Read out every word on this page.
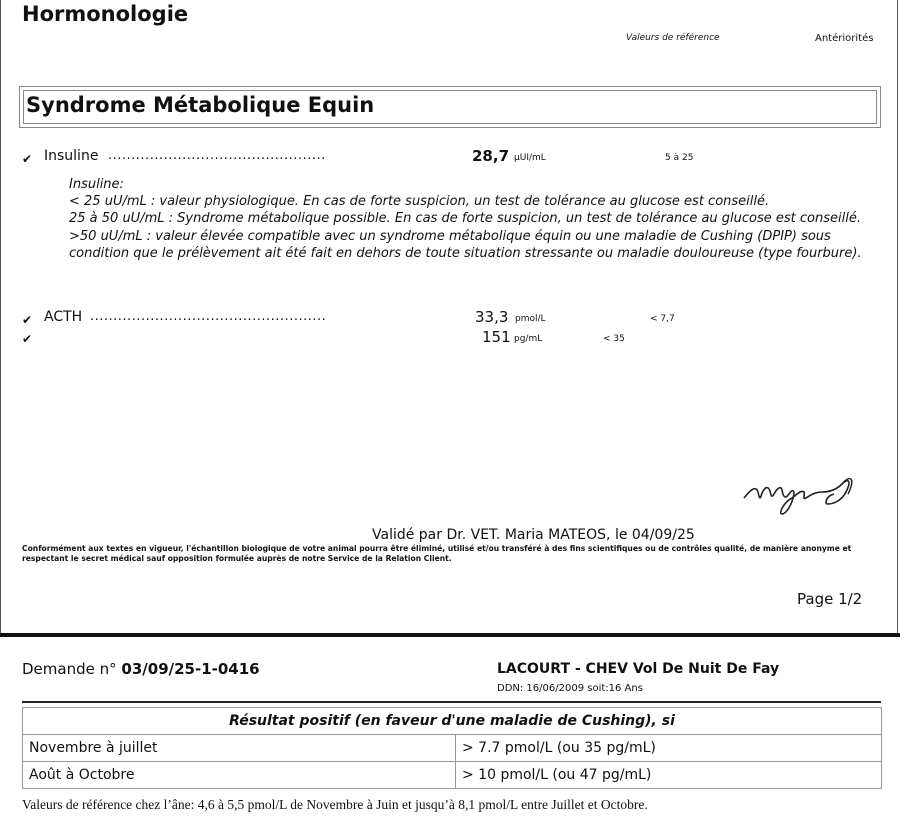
Hormonologie
Valeurs de référence	Antériorités
Syndrome Métabolique Equin
✔ Insuline ...............................................	28,7 µUI/mL	5 à 25
Insuline:
< 25 uU/mL : valeur physiologique. En cas de forte suspicion, un test de tolérance au glucose est conseillé.
25 à 50 uU/mL : Syndrome métabolique possible. En cas de forte suspicion, un test de tolérance au glucose est conseillé.
>50 uU/mL : valeur élevée compatible avec un syndrome métabolique équin ou une maladie de Cushing (DPIP) sous condition que le prélèvement ait été fait en dehors de toute situation stressante ou maladie douloureuse (type fourbure).
✔ ACTH ...................................................	33,3 pmol/L	< 7,7
✔	151 pg/mL	< 35
Validé par Dr. VET. Maria MATEOS, le 04/09/25
Conformément aux textes en vigueur, l'échantillon biologique de votre animal pourra être éliminé, utilisé et/ou transféré à des fins scientifiques ou de contrôles qualité, de manière anonyme et respectant le secret médical sauf opposition formulée auprès de notre Service de la Relation Client.
Page 1/2
Demande n° 03/09/25-1-0416	LACOURT - CHEV Vol De Nuit De Fay
DDN: 16/06/2009 soit:16 Ans
Résultat positif (en faveur d'une maladie de Cushing), si	
Novembre à juillet	> 7.7 pmol/L (ou 35 pg/mL)
Août à Octobre	> 10 pmol/L (ou 47 pg/mL)
Valeurs de référence chez l’âne: 4,6 à 5,5 pmol/L de Novembre à Juin et jusqu’à 8,1 pmol/L entre Juillet et Octobre.
